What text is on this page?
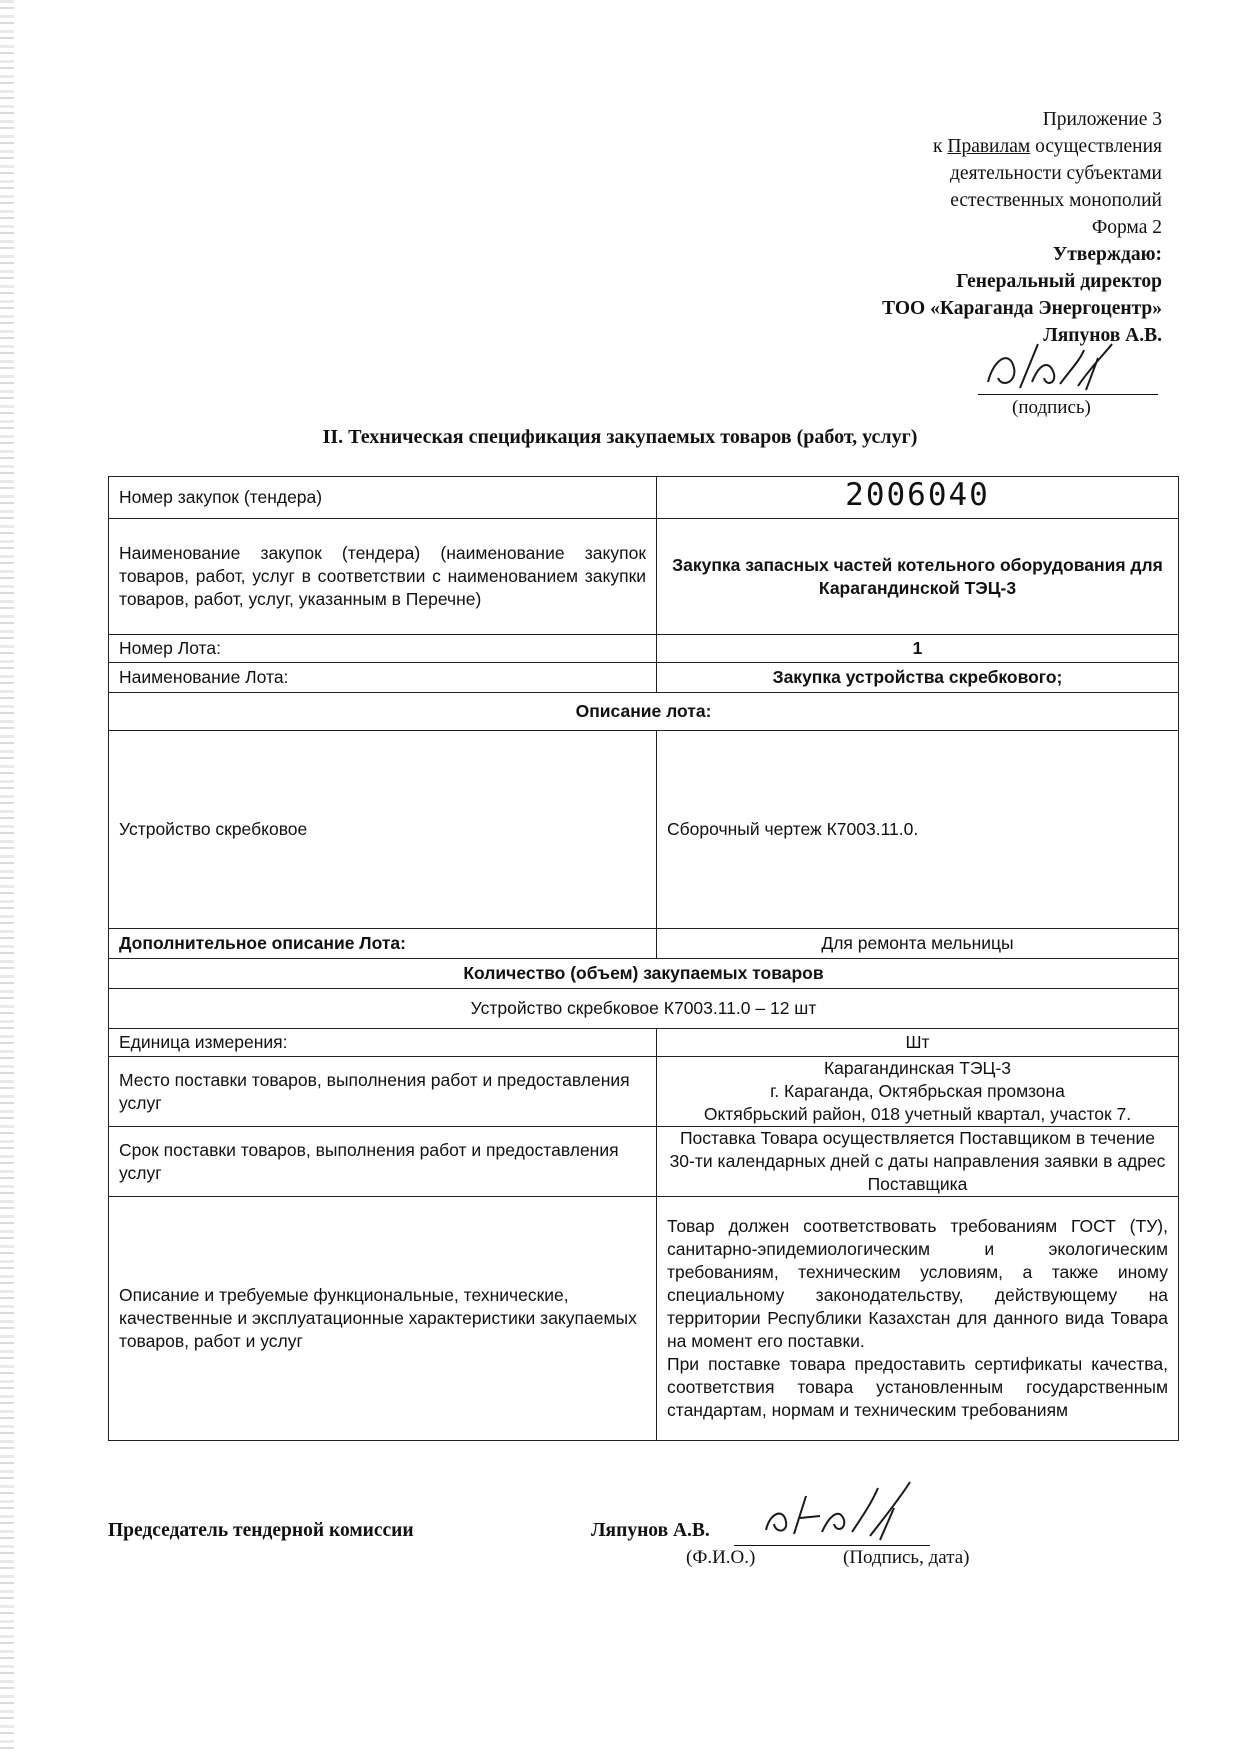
Приложение 3
к Правилам осуществления
деятельности субъектами
естественных монополий
Форма 2
Утверждаю:
Генеральный директор
ТОО «Караганда Энергоцентр»
Ляпунов А.В.
(подпись)
II. Техническая спецификация закупаемых товаров (работ, услуг)
Номер закупок (тендера)	2006040
Наименование закупок (тендера) (наименование закупок товаров, работ, услуг в соответствии с наименованием закупки товаров, работ, услуг, указанным в Перечне)	Закупка запасных частей котельного оборудования для Карагандинской ТЭЦ-3
Номер Лота:	1
Наименование Лота:	Закупка устройства скребкового;
Описание лота:	
Устройство скребковое	Сборочный чертеж К7003.11.0.
Дополнительное описание Лота:	Для ремонта мельницы
Количество (объем) закупаемых товаров	
Устройство скребковое К7003.11.0 – 12 шт	
Единица измерения:	Шт
Место поставки товаров, выполнения работ и предоставления услуг	Карагандинская ТЭЦ-3
г. Караганда, Октябрьская промзона
Октябрьский район, 018 учетный квартал, участок 7.

Срок поставки товаров, выполнения работ и предоставления услуг	Поставка Товара осуществляется Поставщиком в течение 30-ти календарных дней с даты направления заявки в адрес Поставщика
Описание и требуемые функциональные, технические, качественные и эксплуатационные характеристики закупаемых товаров, работ и услуг	Товар должен соответствовать требованиям ГОСТ (ТУ), санитарно-эпидемиологическим и экологическим требованиям, техническим условиям, а также иному специальному законодательству, действующему на территории Республики Казахстан для данного вида Товара на момент его поставки.
При поставке товара предоставить сертификаты качества, соответствия товара установленным государственным стандартам, нормам и техническим требованиям
Председатель тендерной комиссии	Ляпунов А.В.
(Ф.И.О.)	(Подпись, дата)
